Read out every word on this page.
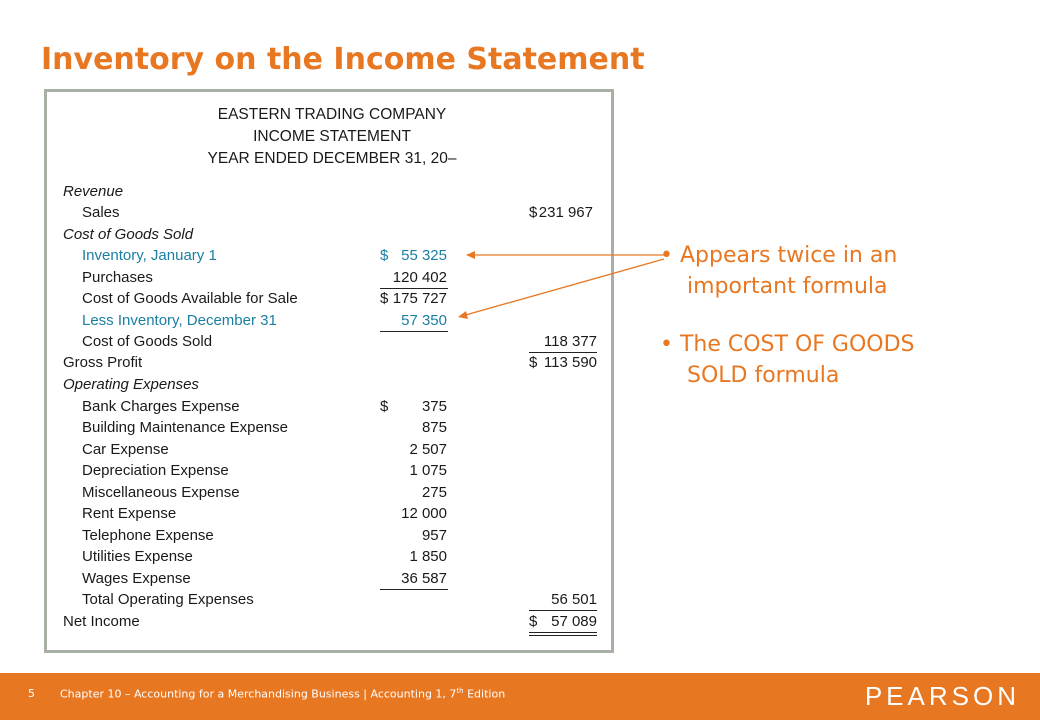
Inventory on the Income Statement
EASTERN TRADING COMPANY
INCOME STATEMENT
YEAR ENDED DECEMBER 31, 20–
Revenue
Sales	$ 231 967
Cost of Goods Sold
Inventory, January 1	$ 55 325
Purchases	120 402
Cost of Goods Available for Sale	$ 175 727
Less Inventory, December 31	57 350
Cost of Goods Sold	118 377
Gross Profit	$ 113 590
Operating Expenses
Bank Charges Expense	$	375
Building Maintenance Expense	875
Car Expense	2 507
Depreciation Expense	1 075
Miscellaneous Expense	275
Rent Expense	12 000
Telephone Expense	957
Utilities Expense	1 850
Wages Expense	36 587
Total Operating Expenses	56 501
Net Income	$ 57 089
• Appears twice in an
important formula
• The COST OF GOODS
SOLD formula
5 Chapter 10 – Accounting for a Merchandising Business | Accounting 1, 7th Edition	PEARSON
